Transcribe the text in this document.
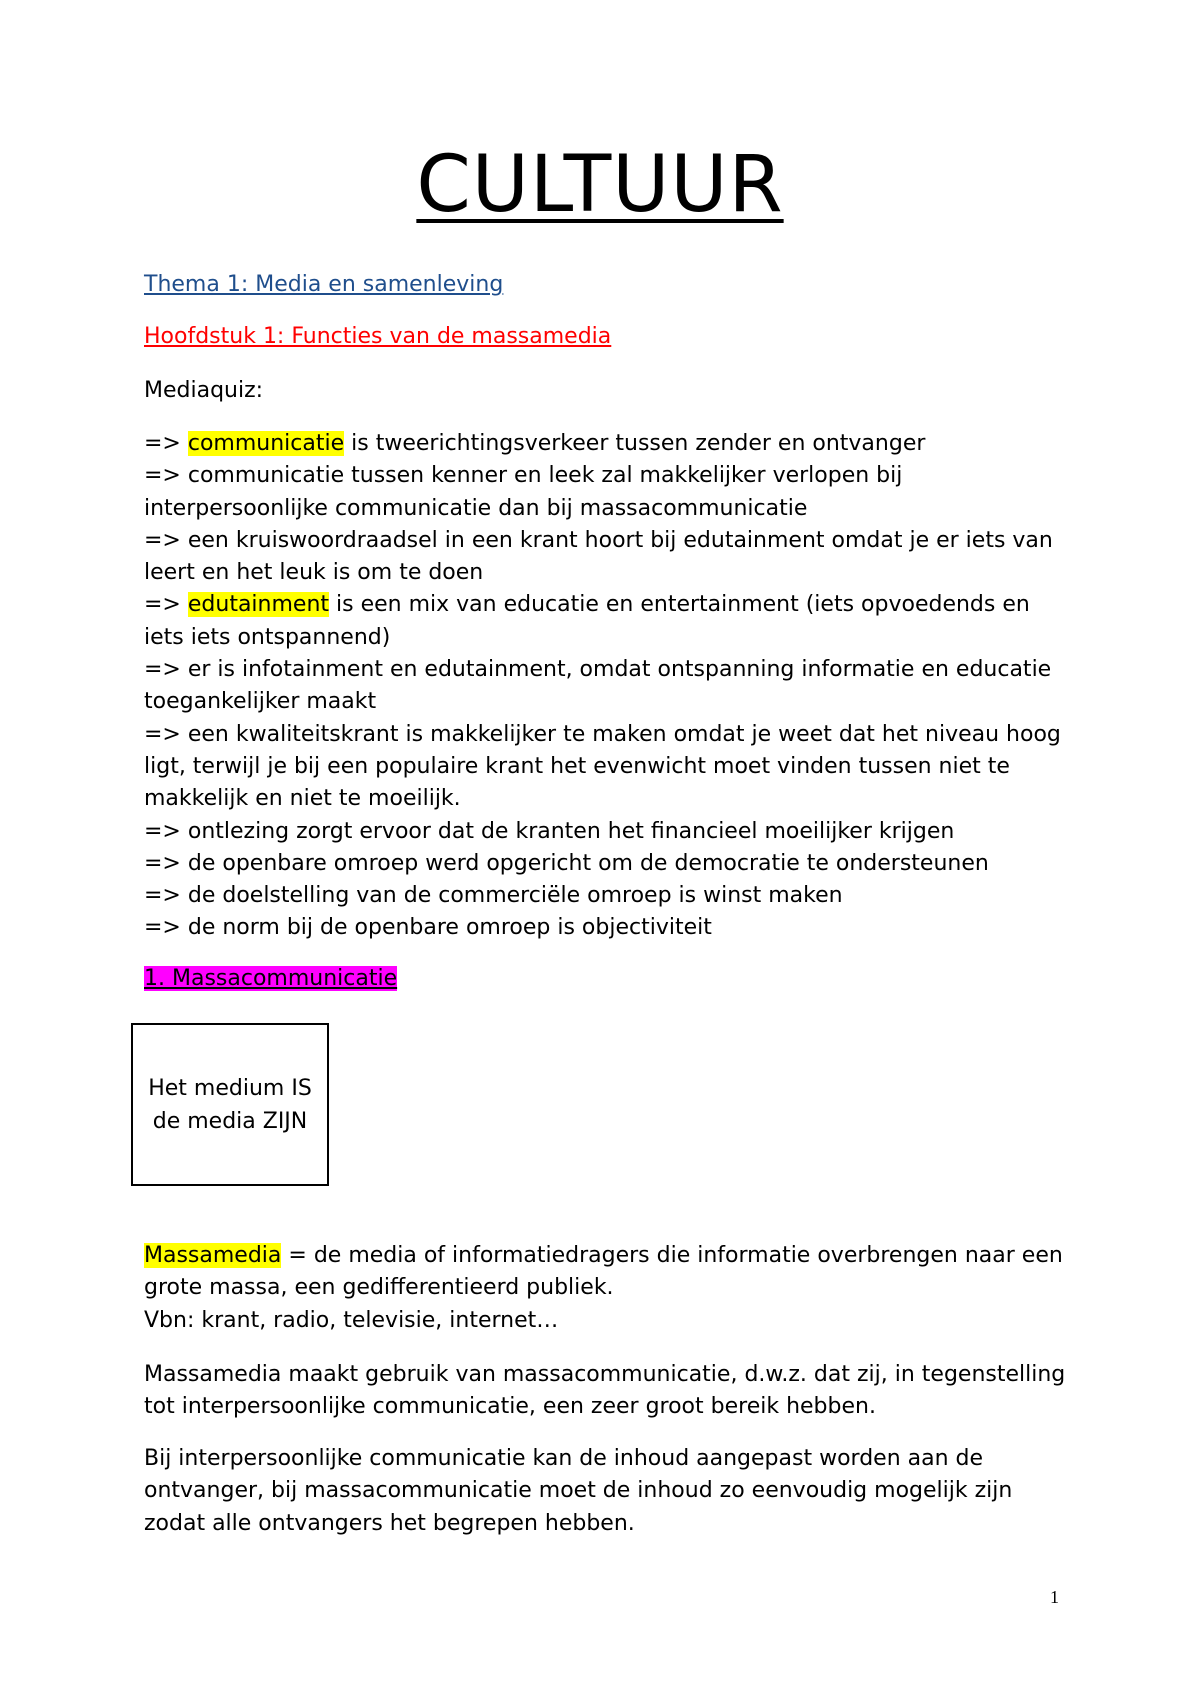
CULTUUR
Thema 1: Media en samenleving
Hoofdstuk 1: Functies van de massamedia
Mediaquiz:
=> communicatie is tweerichtingsverkeer tussen zender en ontvanger
=> communicatie tussen kenner en leek zal makkelijker verlopen bij interpersoonlijke communicatie dan bij massacommunicatie
=> een kruiswoordraadsel in een krant hoort bij edutainment omdat je er iets van leert en het leuk is om te doen
=> edutainment is een mix van educatie en entertainment (iets opvoedends en iets iets ontspannend)
=> er is infotainment en edutainment, omdat ontspanning informatie en educatie toegankelijker maakt
=> een kwaliteitskrant is makkelijker te maken omdat je weet dat het niveau hoog ligt, terwijl je bij een populaire krant het evenwicht moet vinden tussen niet te makkelijk en niet te moeilijk.
=> ontlezing zorgt ervoor dat de kranten het financieel moeilijker krijgen
=> de openbare omroep werd opgericht om de democratie te ondersteunen
=> de doelstelling van de commerciële omroep is winst maken
=> de norm bij de openbare omroep is objectiviteit
1. Massacommunicatie
Het medium IS
de media ZIJN
Massamedia = de media of informatiedragers die informatie overbrengen naar een grote massa, een gedifferentieerd publiek.
Vbn: krant, radio, televisie, internet…
Massamedia maakt gebruik van massacommunicatie, d.w.z. dat zij, in tegenstelling tot interpersoonlijke communicatie, een zeer groot bereik hebben.
Bij interpersoonlijke communicatie kan de inhoud aangepast worden aan de ontvanger, bij massacommunicatie moet de inhoud zo eenvoudig mogelijk zijn zodat alle ontvangers het begrepen hebben.
1
